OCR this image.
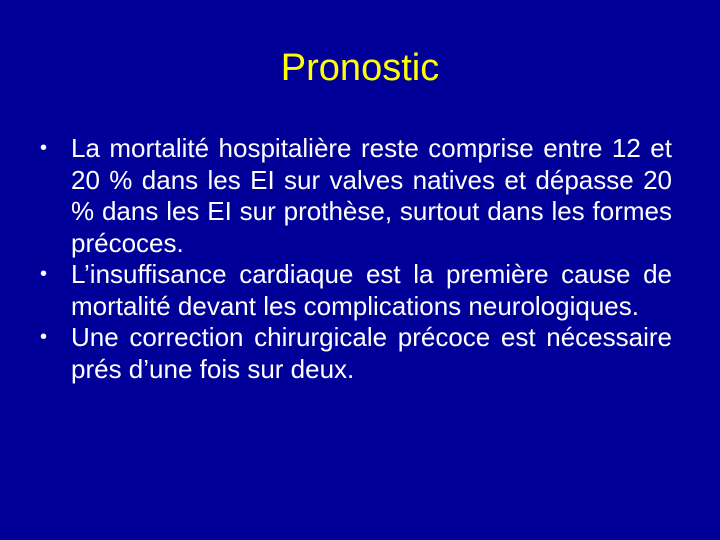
Pronostic
• La mortalité hospitalière reste comprise entre 12 et 20 % dans les EI sur valves natives et dépasse 20 % dans les EI sur prothèse, surtout dans les formes précoces.
• L’insuffisance cardiaque est la première cause de mortalité devant les complications neurologiques.
• Une correction chirurgicale précoce est nécessaire prés d’une fois sur deux.
